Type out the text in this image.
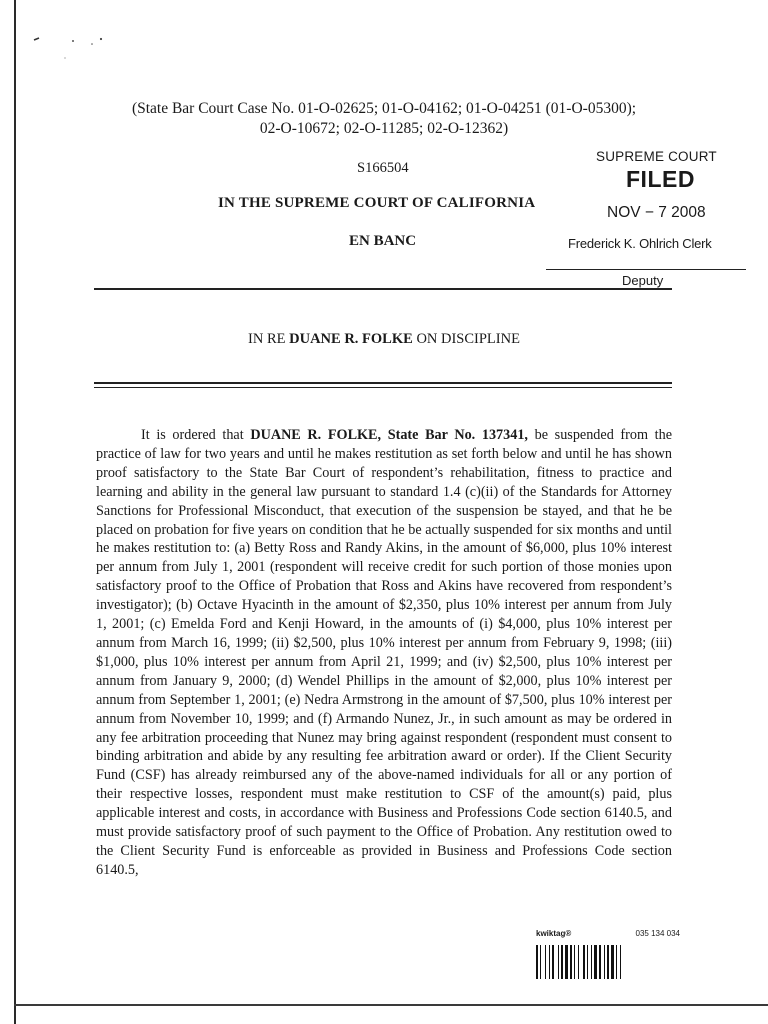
(State Bar Court Case No. 01-O-02625; 01-O-04162; 01-O-04251 (01-O-05300);
02-O-10672; 02-O-11285; 02-O-12362)
S166504
IN THE SUPREME COURT OF CALIFORNIA
EN BANC
SUPREME COURT
FILED
NOV − 7 2008
Frederick K. Ohlrich Clerk
Deputy
IN RE DUANE R. FOLKE ON DISCIPLINE

It is ordered that DUANE R. FOLKE, State Bar No. 137341, be suspended from the practice of law for two years and until he makes restitution as set forth below and until he has shown proof satisfactory to the State Bar Court of respondent’s rehabilitation, fitness to practice and learning and ability in the general law pursuant to standard 1.4 (c)(ii) of the Standards for Attorney Sanctions for Professional Misconduct, that execution of the suspension be stayed, and that he be placed on probation for five years on condition that he be actually suspended for six months and until he makes restitution to: (a) Betty Ross and Randy Akins, in the amount of $6,000, plus 10% interest per annum from July 1, 2001 (respondent will receive credit for such portion of those monies upon satisfactory proof to the Office of Probation that Ross and Akins have recovered from respondent’s investigator); (b) Octave Hyacinth in the amount of $2,350, plus 10% interest per annum from July 1, 2001; (c) Emelda Ford and Kenji Howard, in the amounts of (i) $4,000, plus 10% interest per annum from March 16, 1999; (ii) $2,500, plus 10% interest per annum from February 9, 1998; (iii) $1,000, plus 10% interest per annum from April 21, 1999; and (iv) $2,500, plus 10% interest per annum from January 9, 2000; (d) Wendel Phillips in the amount of $2,000, plus 10% interest per annum from September 1, 2001; (e) Nedra Armstrong in the amount of $7,500, plus 10% interest per annum from November 10, 1999; and (f) Armando Nunez, Jr., in such amount as may be ordered in any fee arbitration proceeding that Nunez may bring against respondent (respondent must consent to binding arbitration and abide by any resulting fee arbitration award or order). If the Client Security Fund (CSF) has already reimbursed any of the above-named individuals for all or any portion of their respective losses, respondent must make restitution to CSF of the amount(s) paid, plus applicable interest and costs, in accordance with Business and Professions Code section 6140.5, and must provide satisfactory proof of such payment to the Office of Probation. Any restitution owed to the Client Security Fund is enforceable as provided in Business and Professions Code section 6140.5,

kwiktag®	035 134 034
